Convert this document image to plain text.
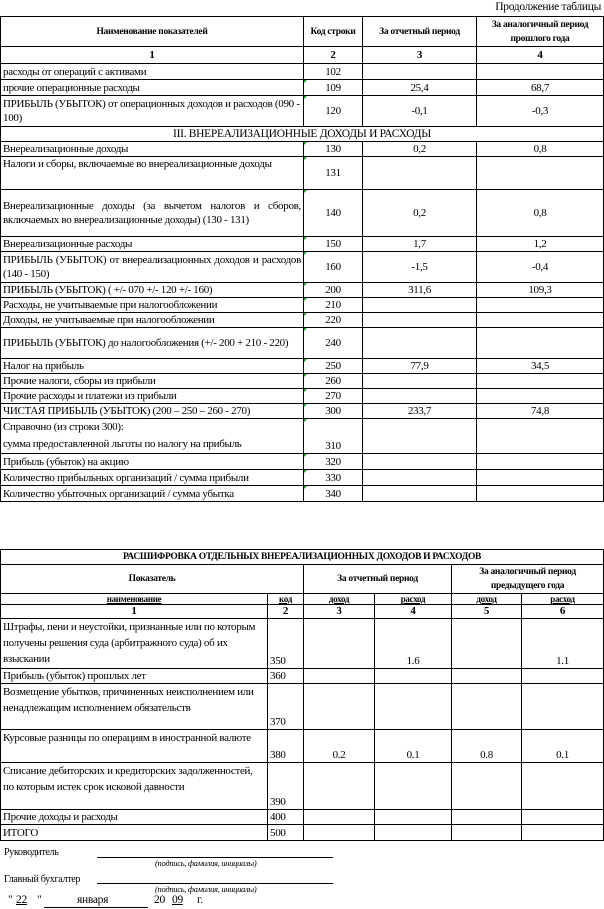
Продолжение таблицы
Наименование показателей	Код строки	За отчетный период	За аналогичный период прошлого года
1	2	3	4
расходы от операций с активами	102		
прочие операционные расходы	109	25,4	68,7
ПРИБЫЛЬ (УБЫТОК) от операционных доходов и расходов (090 - 100)	120	-0,1	-0,3
III. ВНЕРЕАЛИЗАЦИОННЫЕ ДОХОДЫ И РАСХОДЫ			
Внереализационные доходы	130	0,2	0,8
Налоги и сборы, включаемые во внереализационные доходы	131		
Внереализационные доходы (за вычетом налогов и сборов, включаемых во внереализационные доходы) (130 - 131)	140	0,2	0,8
Внереализационные расходы	150	1,7	1,2
ПРИБЫЛЬ (УБЫТОК) от внереализационных доходов и расходов (140 - 150)	160	-1,5	-0,4
ПРИБЫЛЬ (УБЫТОК) ( +/- 070 +/- 120 +/- 160)	200	311,6	109,3
Расходы, не учитываемые при налогообложении	210		
Доходы, не учитываемые при налогообложении	220		
ПРИБЫЛЬ (УБЫТОК) до налогообложения (+/- 200 + 210 - 220)	240		
Налог на прибыль	250	77,9	34,5
Прочие налоги, сборы из прибыли	260		
Прочие расходы и платежи из прибыли	270		
ЧИСТАЯ ПРИБЫЛЬ (УБЫТОК) (200 – 250 – 260 - 270)	300	233,7	74,8

Справочно (из строки 300):
сумма предоставленной льготы по налогу на прибыль	310		
Прибыль (убыток) на акцию	320		
Количество прибыльных организаций / сумма прибыли	330		
Количество убыточных организаций / сумма убытка	340		
РАСШИФРОВКА ОТДЕЛЬНЫХ ВНЕРЕАЛИЗАЦИОННЫХ ДОХОДОВ И РАСХОДОВ					
Показатель		За отчетный период		За аналогичный период предыдущего года	
наименование	код	доход	расход	доход	расход
1	2	3	4	5	6
Штрафы, пени и неустойки, признанные или по которым получены решения суда (арбитражного суда) об их взыскании	350		1.6		1.1
Прибыль (убыток) прошлых лет	360				
Возмещение убытков, причиненных неисполнением или ненадлежащим исполнением обязательств	370				
Курсовые разницы по операциям в иностранной валюте	380	0.2	0.1	0.8	0.1
Списание дебиторских и кредиторских задолженностей, по которым истек срок исковой давности	390				
Прочие доходы и расходы	400				
ИТОГО	500				
Руководитель
(подпись, фамилия, инициалы)
Главный бухгалтер
(подпись, фамилия, инициалы)
" 22 "	января	20 09 г.
